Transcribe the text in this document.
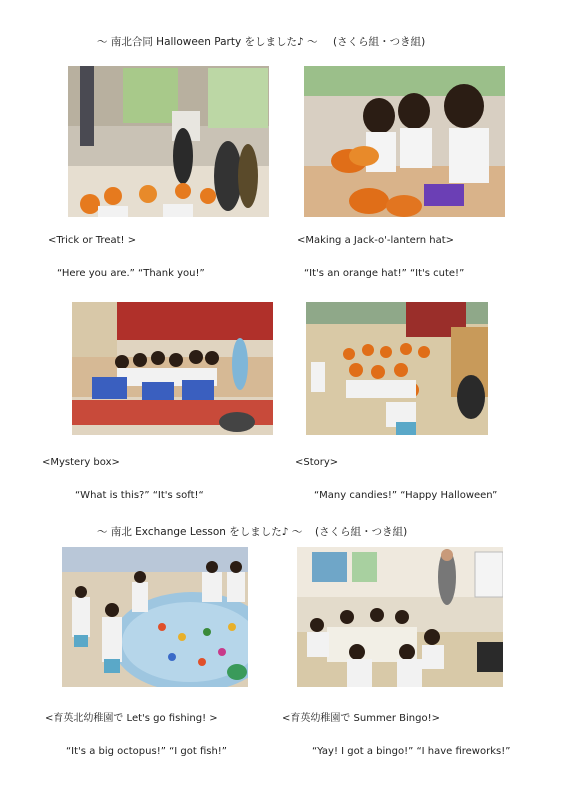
〜 南北合同 Halloween Party をしました♪ 〜 (さくら組・つき組)
<Trick or Treat! >	<Making a Jack-o'-lantern hat>
“Here you are.” “Thank you!”	“It's an orange hat!” “It's cute!”
<Mystery box>	<Story>
“What is this?” “It's soft!“	“Many candies!” “Happy Halloween”
〜 南北 Exchange Lesson をしました♪ 〜 (さくら組・つき組)
<育英北幼稚園で Let's go fishing! >	<育英幼稚園で Summer Bingo!>
“It's a big octopus!” “I got fish!”	“Yay! I got a bingo!” “I have fireworks!”
